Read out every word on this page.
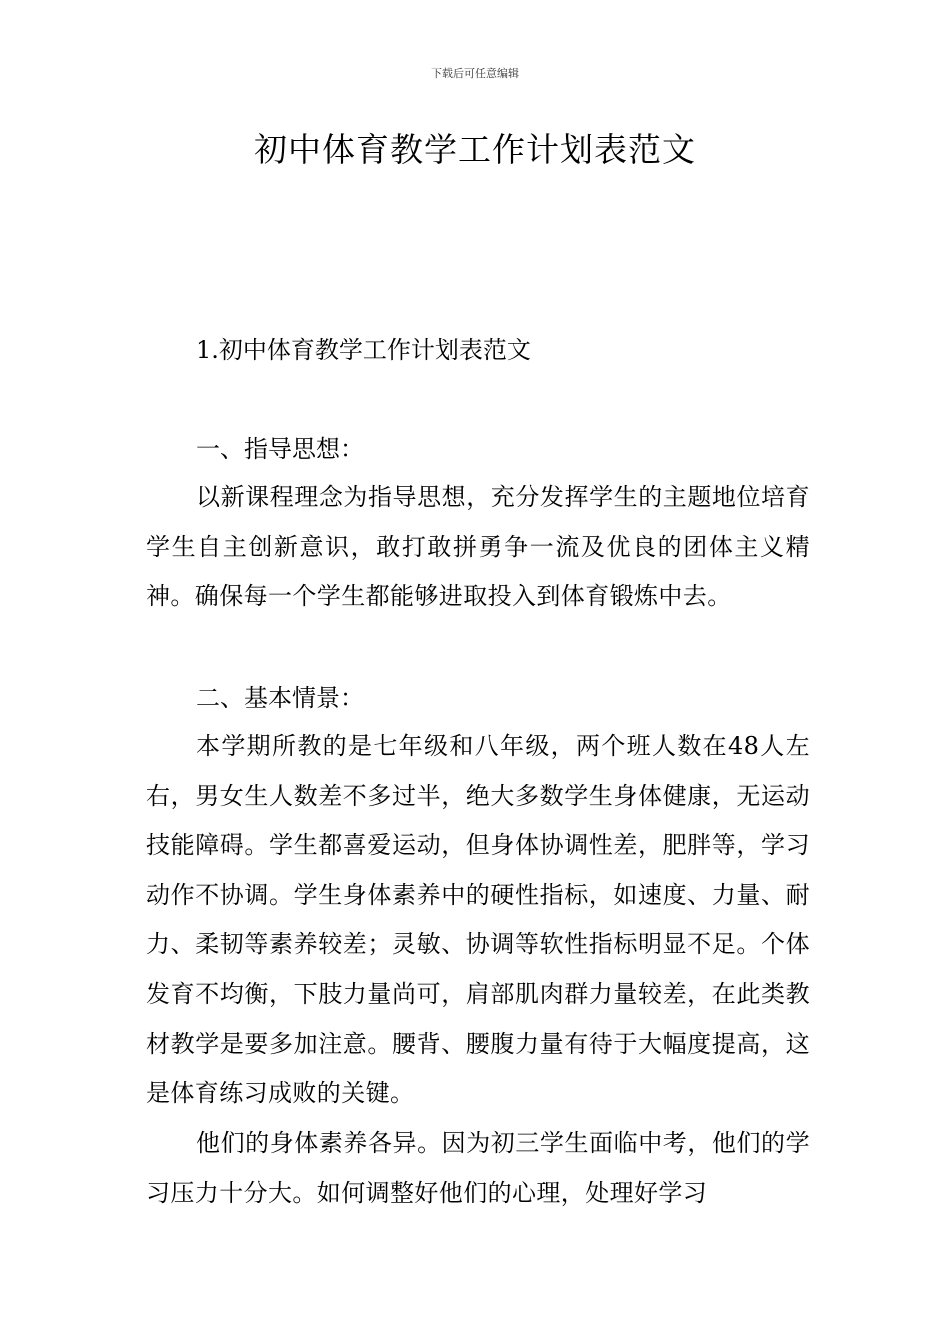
下载后可任意编辑
初中体育教学工作计划表范文

1.初中体育教学工作计划表范文

一、指导思想：

以新课程理念为指导思想，充分发挥学生的主题地位培育学生自主创新意识，敢打敢拼勇争一流及优良的团体主义精神。确保每一个学生都能够进取投入到体育锻炼中去。

二、基本情景：

本学期所教的是七年级和八年级，两个班人数在48人左右，男女生人数差不多过半，绝大多数学生身体健康，无运动技能障碍。学生都喜爱运动，但身体协调性差，肥胖等，学习动作不协调。学生身体素养中的硬性指标，如速度、力量、耐力、柔韧等素养较差；灵敏、协调等软性指标明显不足。个体发育不均衡，下肢力量尚可，肩部肌肉群力量较差，在此类教材教学是要多加注意。腰背、腰腹力量有待于大幅度提高，这是体育练习成败的关键。

他们的身体素养各异。因为初三学生面临中考，他们的学习压力十分大。如何调整好他们的心理，处理好学习
